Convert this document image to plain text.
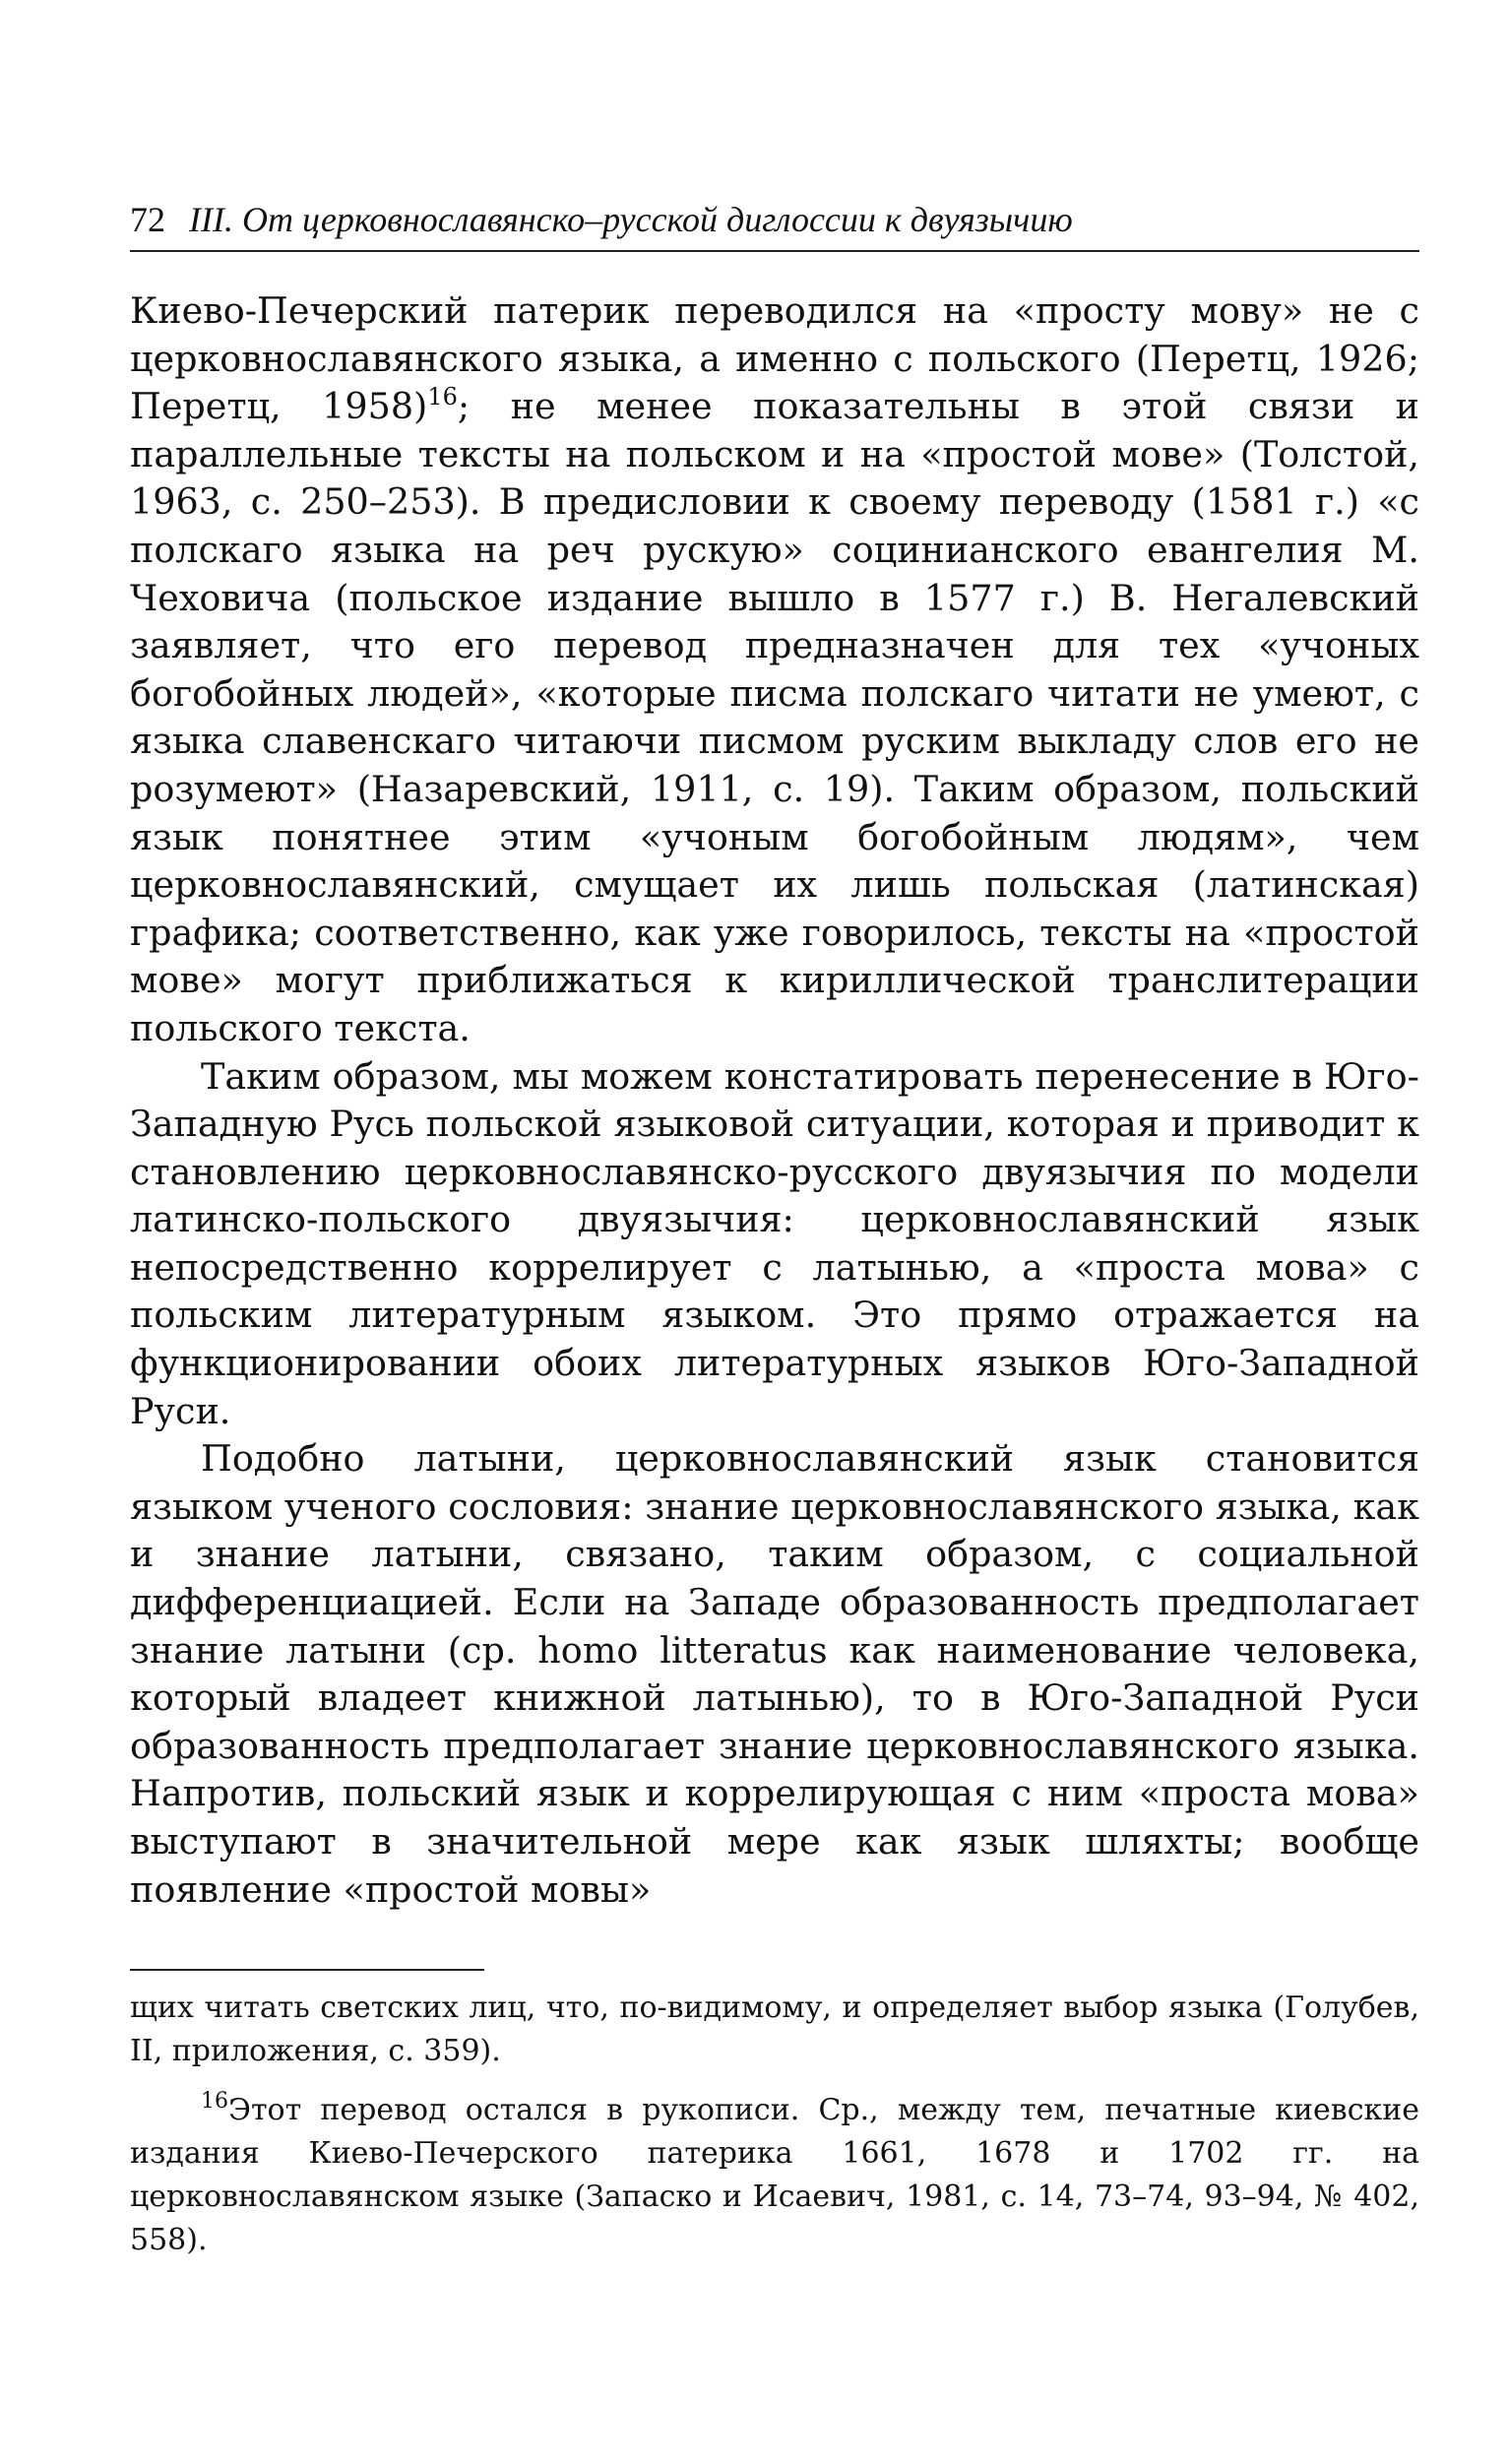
72 III. От церковнославянско–русской диглоссии к двуязычию

Киево-Печерский патерик переводился на «просту мову» не с церковнославянского языка, а именно с польского (Перетц, 1926; Перетц, 1958)$^{16}$; не менее показательны в этой связи и параллельные тексты на польском и на «простой мове» (Толстой, 1963, с. 250–253). В предисловии к своему переводу (1581 г.) «с полскаго языка на реч рускую» социнианского евангелия М. Чеховича (польское издание вышло в 1577 г.) В. Негалевский заявляет, что его перевод предназначен для тех «учоных богобойных людей», «которые писма полскаго читати не умеют, с языка славенскаго читаючи писмом руским выкладу слов его не розумеют» (Назаревский, 1911, с. 19). Таким образом, польский язык понятнее этим «учоным богобойным людям», чем церковнославянский, смущает их лишь польская (латинская) графика; соответственно, как уже говорилось, тексты на «простой мове» могут приближаться к кириллической транслитерации польского текста.

Таким образом, мы можем констатировать перенесение в Юго-Западную Русь польской языковой ситуации, которая и приводит к становлению церковнославянско-русского двуязычия по модели латинско-польского двуязычия: церковнославянский язык непосредственно коррелирует с латынью, а «проста мова» с польским литературным языком. Это прямо отражается на функционировании обоих литературных языков Юго-Западной Руси.

Подобно латыни, церковнославянский язык становится языком ученого сословия: знание церковнославянского языка, как и знание латыни, связано, таким образом, с социальной дифференциацией. Если на Западе образованность предполагает знание латыни (ср. homo litteratus как наименование человека, который владеет книжной латынью), то в Юго-Западной Руси образованность предполагает знание церковнославянского языка. Напротив, польский язык и коррелирующая с ним «проста мова» выступают в значительной мере как язык шляхты; вообще появление «простой мовы»

щих читать светских лиц, что, по-видимому, и определяет выбор языка (Голубев, II, приложения, с. 359).

$^{16}$Этот перевод остался в рукописи. Ср., между тем, печатные киевские издания Киево-Печерского патерика 1661, 1678 и 1702 гг. на церковнославянском языке (Запаско и Исаевич, 1981, с. 14, 73–74, 93–94, № 402, 558).
